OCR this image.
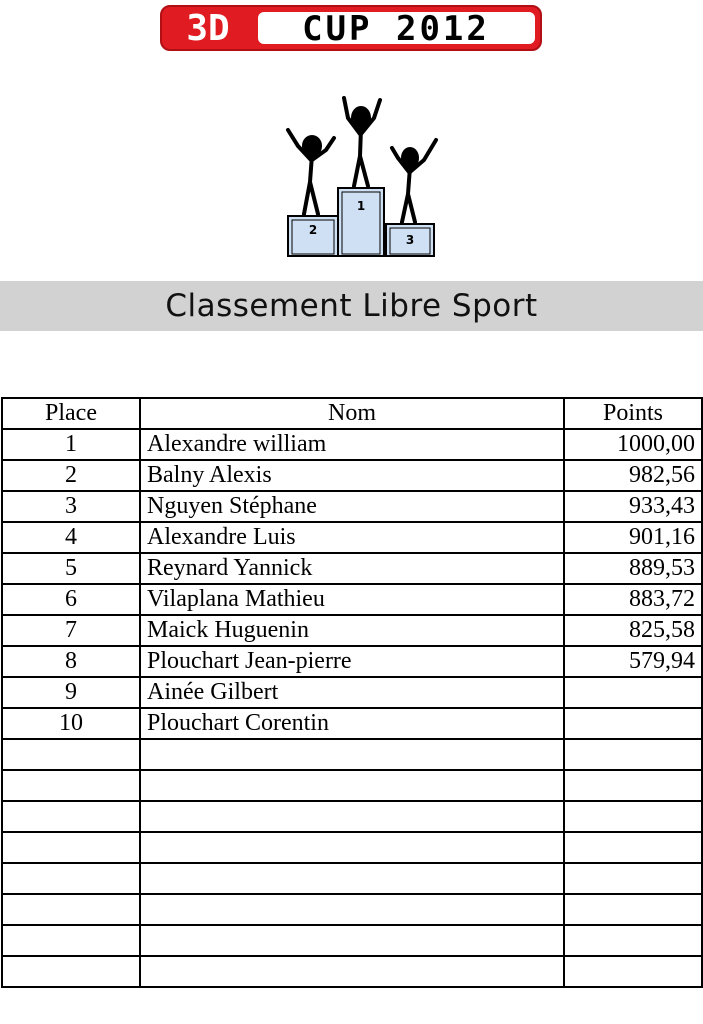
3D CUP 2012
1
2
3
Classement Libre Sport
Place	Nom	Points
1	Alexandre william	1000,00
2	Balny Alexis	982,56
3	Nguyen Stéphane	933,43
4	Alexandre Luis	901,16
5	Reynard Yannick	889,53
6	Vilaplana Mathieu	883,72
7	Maick Huguenin	825,58
8	Plouchart Jean-pierre	579,94
9	Ainée Gilbert	
10	Plouchart Corentin	
